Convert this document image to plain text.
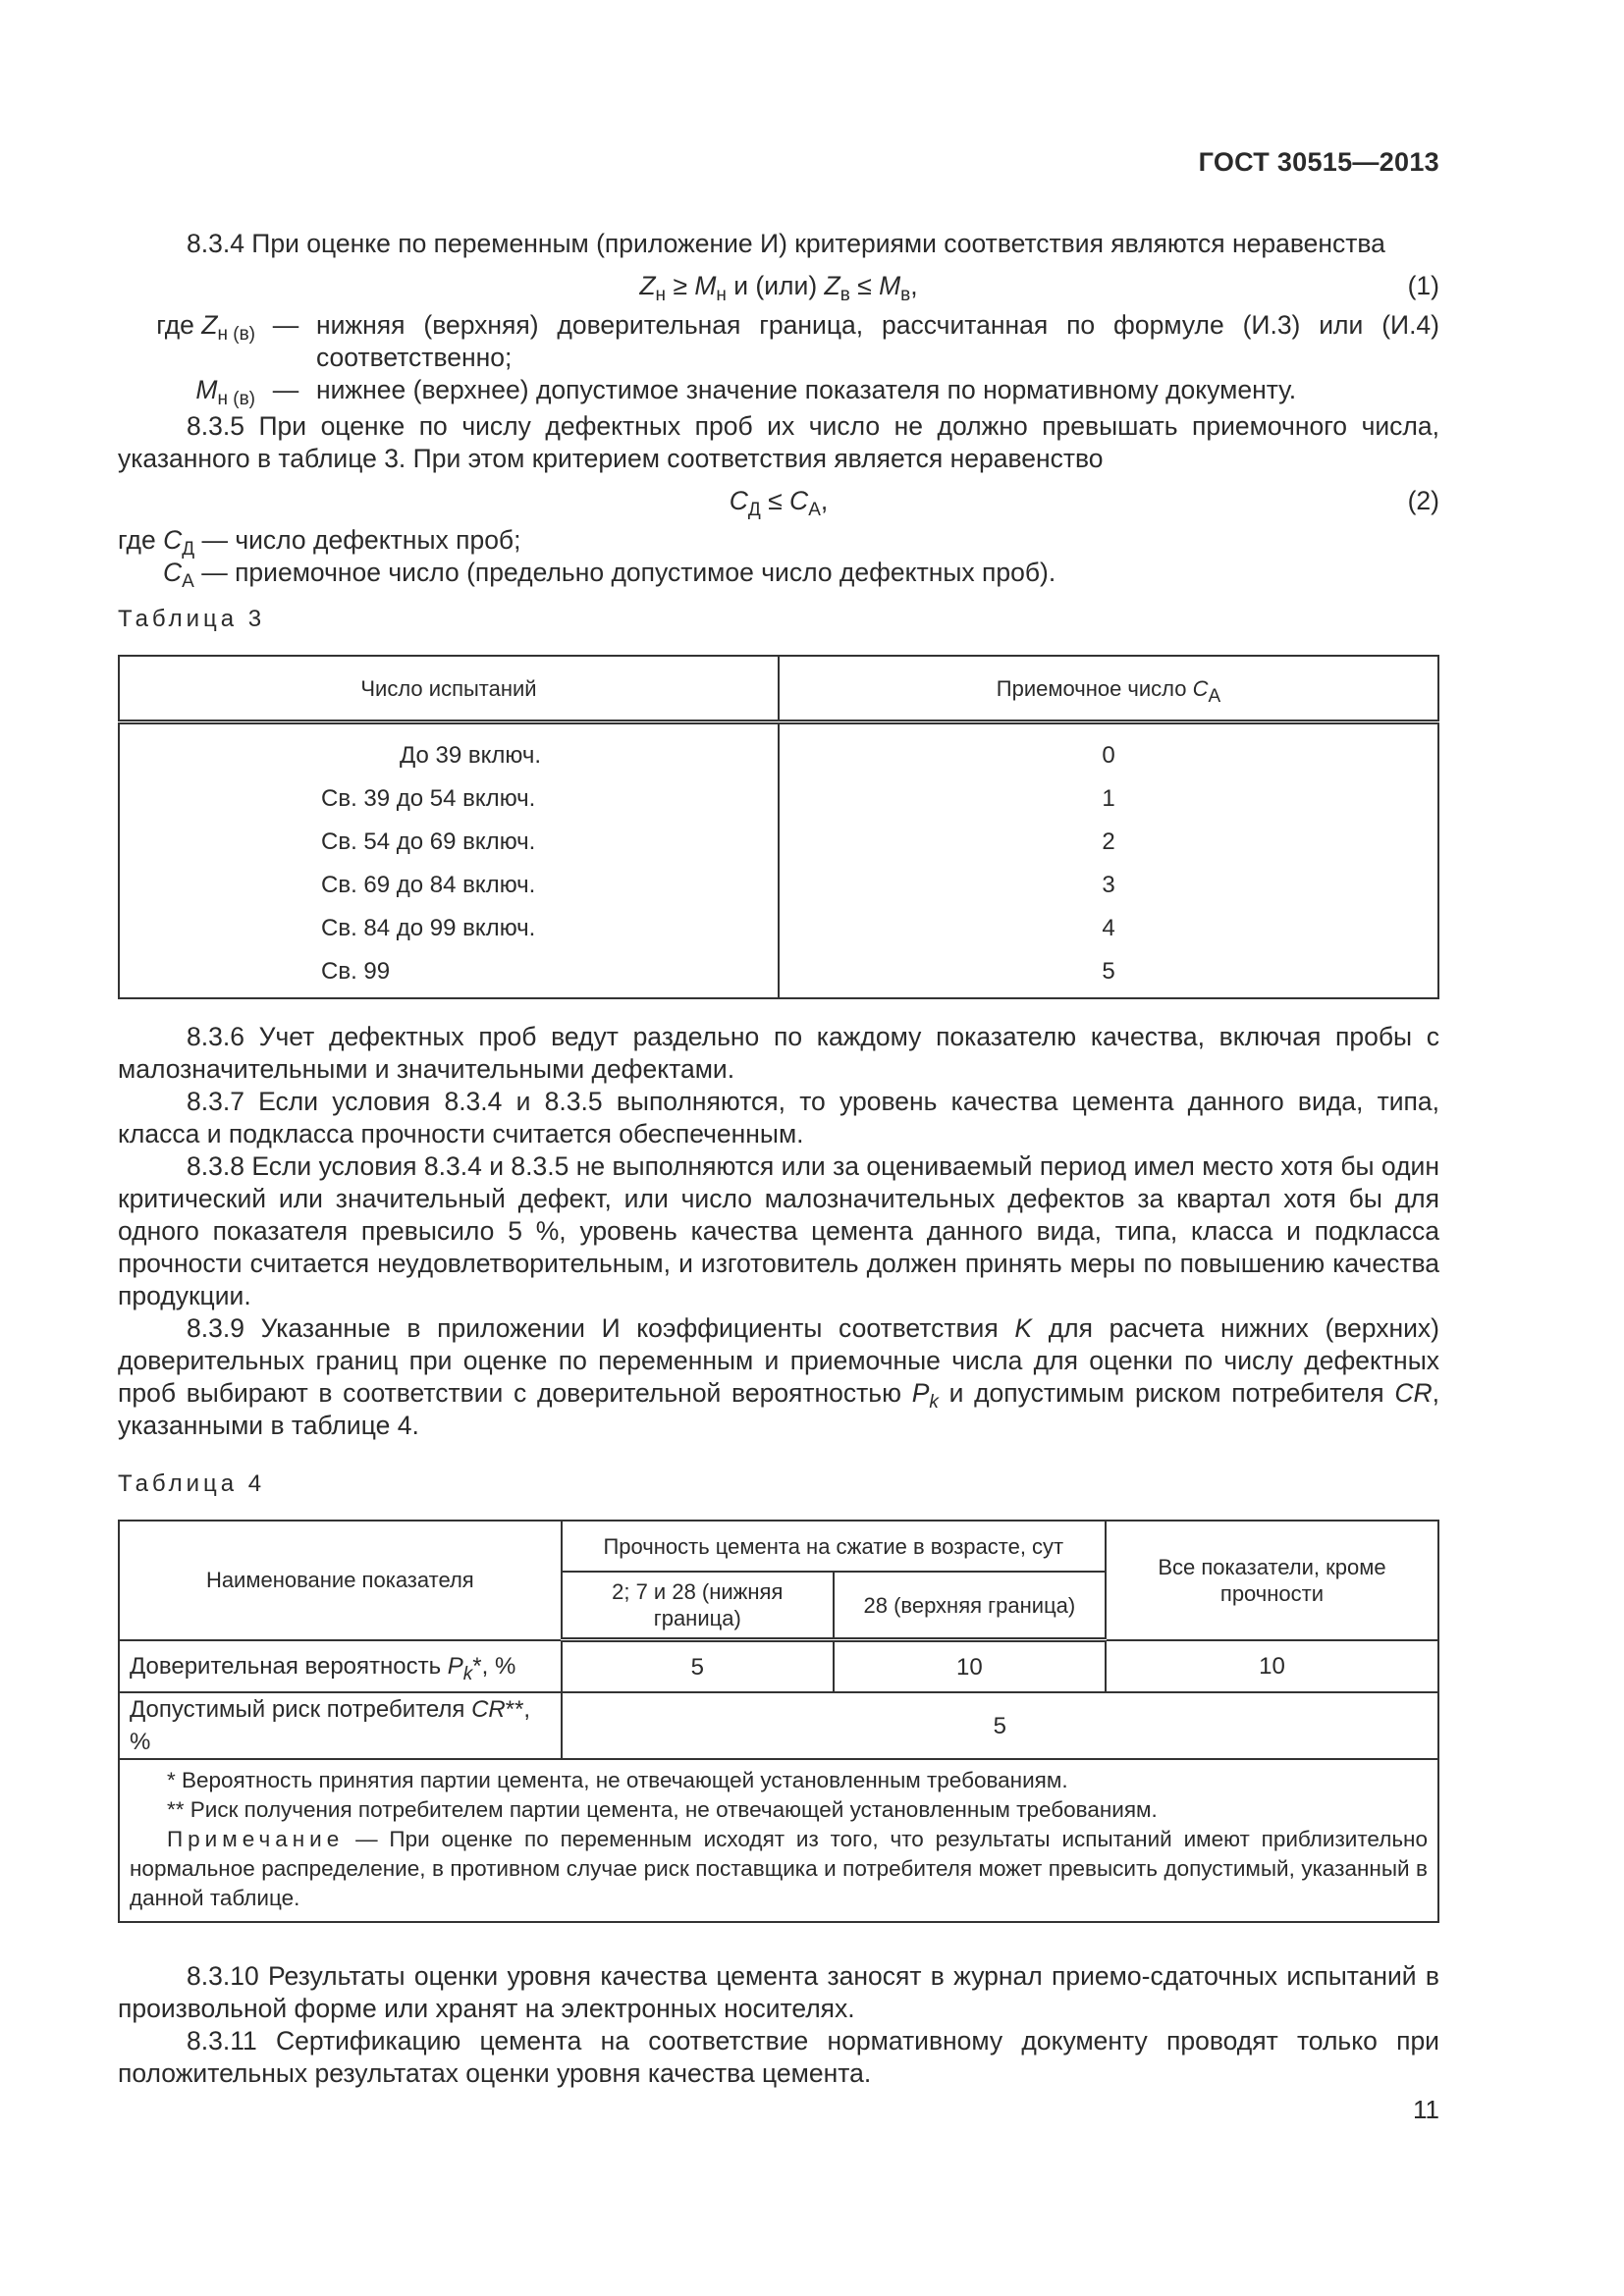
ГОСТ 30515—2013

8.3.4 При оценке по переменным (приложение И) критериями соответствия являются неравенства

$Z_н \ge M_н$ и (или) $Z_в \le M_в$,	(1)
где $Z_{н (в)}$ — нижняя (верхняя) доверительная граница, рассчитанная по формуле (И.3) или (И.4) соответственно;
$M_{н (в)}$ — нижнее (верхнее) допустимое значение показателя по нормативному документу.

8.3.5 При оценке по числу дефектных проб их число не должно превышать приемочного числа, указанного в таблице 3. При этом критерием соответствия является неравенство

$C_Д \le C_А$,	(2)

где $C_Д$ — число дефектных проб;

$C_А$ — приемочное число (предельно допустимое число дефектных проб).

Таблица 3
Число испытаний	Приемочное число $C_А$
До 39 включ.	0
Св. 39 до 54 включ.	1
Св. 54 до 69 включ.	2
Св. 69 до 84 включ.	3
Св. 84 до 99 включ.	4
Св. 99	5

8.3.6 Учет дефектных проб ведут раздельно по каждому показателю качества, включая пробы с малозначительными и значительными дефектами.

8.3.7 Если условия 8.3.4 и 8.3.5 выполняются, то уровень качества цемента данного вида, типа, класса и подкласса прочности считается обеспеченным.

8.3.8 Если условия 8.3.4 и 8.3.5 не выполняются или за оцениваемый период имел место хотя бы один критический или значительный дефект, или число малозначительных дефектов за квартал хотя бы для одного показателя превысило 5 %, уровень качества цемента данного вида, типа, класса и подкласса прочности считается неудовлетворительным, и изготовитель должен принять меры по повышению качества продукции.

8.3.9 Указанные в приложении И коэффициенты соответствия K для расчета нижних (верхних) доверительных границ при оценке по переменным и приемочные числа для оценки по числу дефектных проб выбирают в соответствии с доверительной вероятностью $P_k$ и допустимым риском потребителя CR, указанными в таблице 4.

Таблица 4
Наименование показателя	Прочность цемента на сжатие в возрасте, сут		Все показатели, кроме прочности
	2; 7 и 28 (нижняя граница)	28 (верхняя граница)	
Доверительная вероятность $P_k*$, %	5	10	10
Допустимый риск потребителя CR**, %	5		

* Вероятность принятия партии цемента, не отвечающей установленным требованиям.
** Риск получения потребителем партии цемента, не отвечающей установленным требованиям.
Примечание — При оценке по переменным исходят из того, что результаты испытаний имеют приблизительно нормальное распределение, в противном случае риск поставщика и потребителя может превысить допустимый, указанный в данной таблице.			

8.3.10 Результаты оценки уровня качества цемента заносят в журнал приемо-сдаточных испытаний в произвольной форме или хранят на электронных носителях.

8.3.11 Сертификацию цемента на соответствие нормативному документу проводят только при положительных результатах оценки уровня качества цемента.

11
